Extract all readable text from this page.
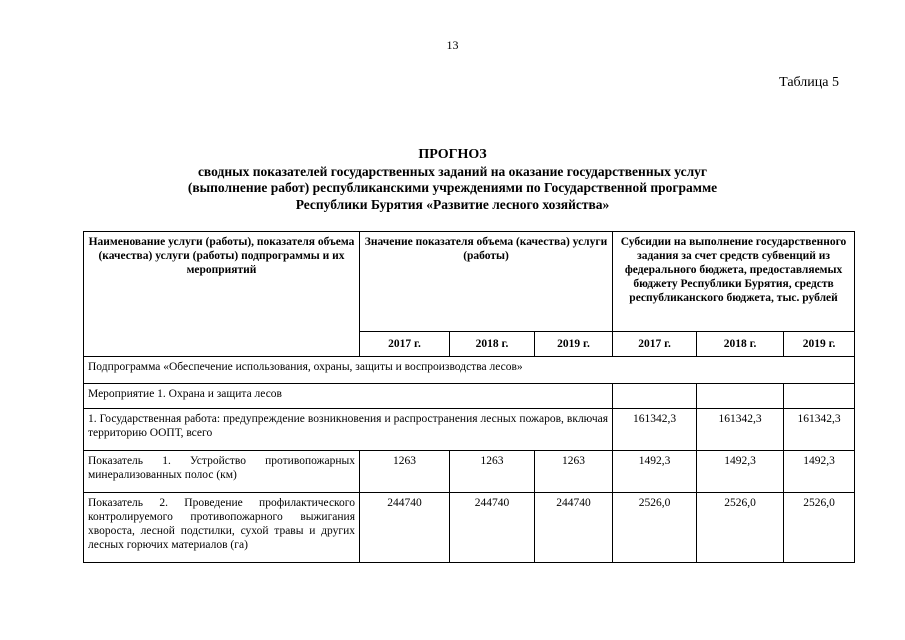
13
Таблица 5
ПРОГНОЗ
сводных показателей государственных заданий на оказание государственных услуг
(выполнение работ) республиканскими учреждениями по Государственной программе
Республики Бурятия «Развитие лесного хозяйства»
Наименование услуги (работы), показателя объема (качества) услуги (работы) подпрограммы и их мероприятий	Значение показателя объема (качества) услуги (работы)			Субсидии на выполнение государственного задания за счет средств субвенций из федерального бюджета, предоставляемых бюджету Республики Бурятия, средств республиканского бюджета, тыс. рублей		
	2017 г.	2018 г.	2019 г.	2017 г.	2018 г.	2019 г.
Подпрограмма «Обеспечение использования, охраны, защиты и воспроизводства лесов»						
Мероприятие 1. Охрана и защита лесов						
1. Государственная работа: предупреждение возникновения и распространения лесных пожаров, включая территорию ООПТ, всего				161342,3	161342,3	161342,3
Показатель 1. Устройство противопожарных минерализованных полос (км)	1263	1263	1263	1492,3	1492,3	1492,3
Показатель 2. Проведение профилактического контролируемого противопожарного выжигания хвороста, лесной подстилки, сухой травы и других лесных горючих материалов (га)	244740	244740	244740	2526,0	2526,0	2526,0
